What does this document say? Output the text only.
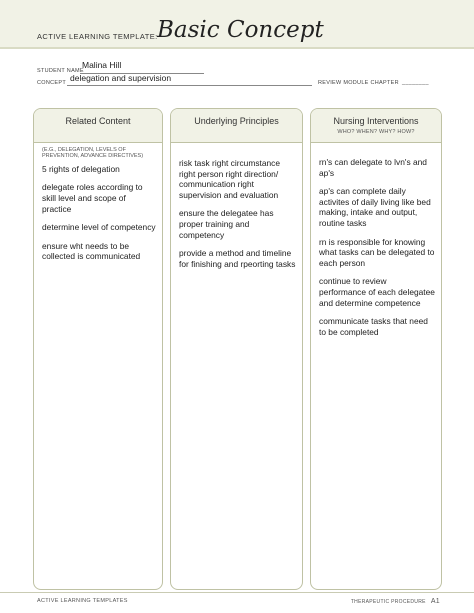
ACTIVE LEARNING TEMPLATE: Basic Concept
STUDENT NAME
Malina Hill
CONCEPT delegation and supervision	REVIEW MODULE CHAPTER ________
Related Content
(E.G., DELEGATION, LEVELS OF PREVENTION, ADVANCE DIRECTIVES)
5 rights of delegation
delegate roles according to skill level and scope of practice
determine level of competency
ensure wht needs to be collected is communicated
Underlying Principles
risk task right circumstance right person right direction/ communication right supervision and evaluation
ensure the delegatee has proper training and competency
provide a method and timeline for finishing and rpeorting tasks
Nursing Interventions
WHO? WHEN? WHY? HOW?
rn's can delegate to lvn's and ap's
ap's can complete daily activites of daily living like bed making, intake and output, routine tasks
rn is responsible for knowing what tasks can be delegated to each person
continue to review performance of each delegatee and determine competence
communicate tasks that need to be completed
ACTIVE LEARNING TEMPLATES	THERAPEUTIC PROCEDURE A1
